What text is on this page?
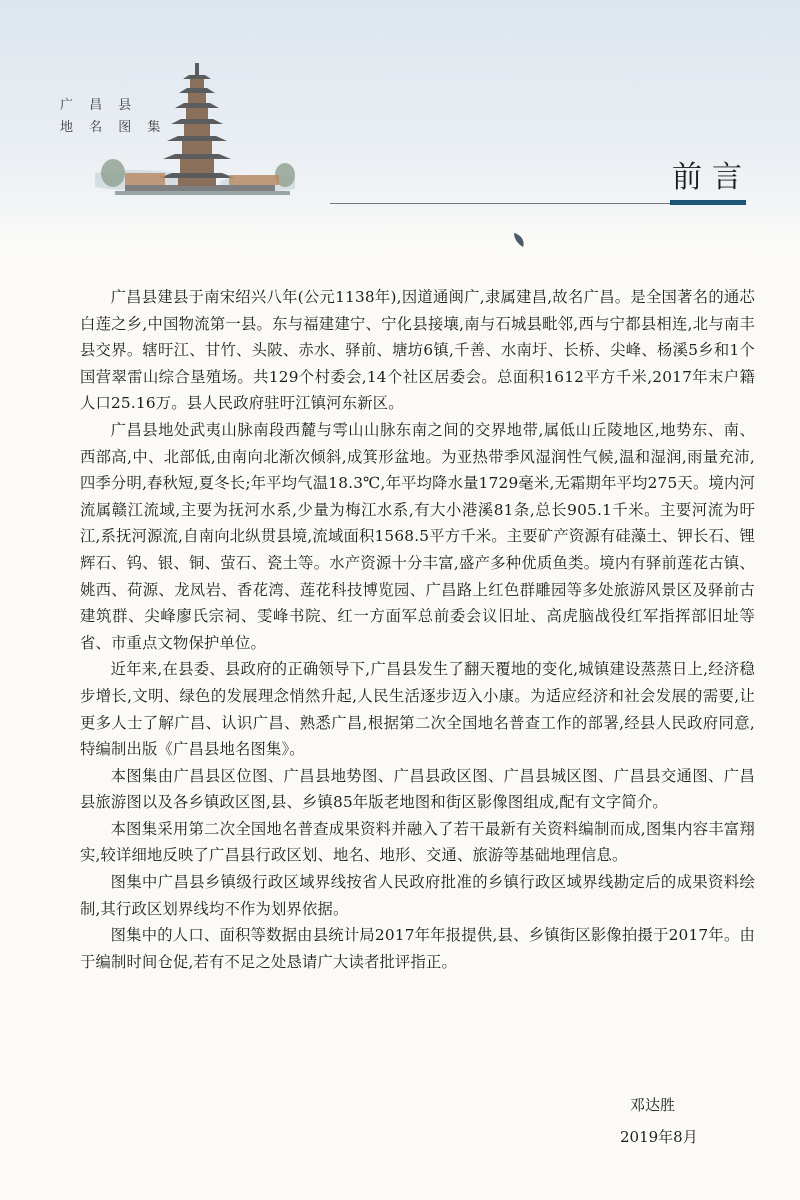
广 昌 县
地 名 图 集
前言

广昌县建县于南宋绍兴八年(公元1138年),因道通闽广,隶属建昌,故名广昌。是全国著名的通芯白莲之乡,中国物流第一县。东与福建建宁、宁化县接壤,南与石城县毗邻,西与宁都县相连,北与南丰县交界。辖旴江、甘竹、头陂、赤水、驿前、塘坊6镇,千善、水南圩、长桥、尖峰、杨溪5乡和1个国营翠雷山综合垦殖场。共129个村委会,14个社区居委会。总面积1612平方千米,2017年末户籍人口25.16万。县人民政府驻旴江镇河东新区。

广昌县地处武夷山脉南段西麓与雩山山脉东南之间的交界地带,属低山丘陵地区,地势东、南、西部高,中、北部低,由南向北渐次倾斜,成箕形盆地。为亚热带季风湿润性气候,温和湿润,雨量充沛,四季分明,春秋短,夏冬长;年平均气温18.3℃,年平均降水量1729毫米,无霜期年平均275天。境内河流属赣江流域,主要为抚河水系,少量为梅江水系,有大小港溪81条,总长905.1千米。主要河流为旴江,系抚河源流,自南向北纵贯县境,流域面积1568.5平方千米。主要矿产资源有硅藻土、钾长石、锂辉石、钨、银、铜、萤石、瓷土等。水产资源十分丰富,盛产多种优质鱼类。境内有驿前莲花古镇、姚西、荷源、龙凤岩、香花湾、莲花科技博览园、广昌路上红色群雕园等多处旅游风景区及驿前古建筑群、尖峰廖氏宗祠、雯峰书院、红一方面军总前委会议旧址、高虎脑战役红军指挥部旧址等省、市重点文物保护单位。

近年来,在县委、县政府的正确领导下,广昌县发生了翻天覆地的变化,城镇建设蒸蒸日上,经济稳步增长,文明、绿色的发展理念悄然升起,人民生活逐步迈入小康。为适应经济和社会发展的需要,让更多人士了解广昌、认识广昌、熟悉广昌,根据第二次全国地名普查工作的部署,经县人民政府同意,特编制出版《广昌县地名图集》。

本图集由广昌县区位图、广昌县地势图、广昌县政区图、广昌县城区图、广昌县交通图、广昌县旅游图以及各乡镇政区图,县、乡镇85年版老地图和街区影像图组成,配有文字简介。

本图集采用第二次全国地名普查成果资料并融入了若干最新有关资料编制而成,图集内容丰富翔实,较详细地反映了广昌县行政区划、地名、地形、交通、旅游等基础地理信息。

图集中广昌县乡镇级行政区域界线按省人民政府批准的乡镇行政区域界线勘定后的成果资料绘制,其行政区划界线均不作为划界依据。

图集中的人口、面积等数据由县统计局2017年年报提供,县、乡镇街区影像拍摄于2017年。由于编制时间仓促,若有不足之处恳请广大读者批评指正。

邓达胜
2019年8月
